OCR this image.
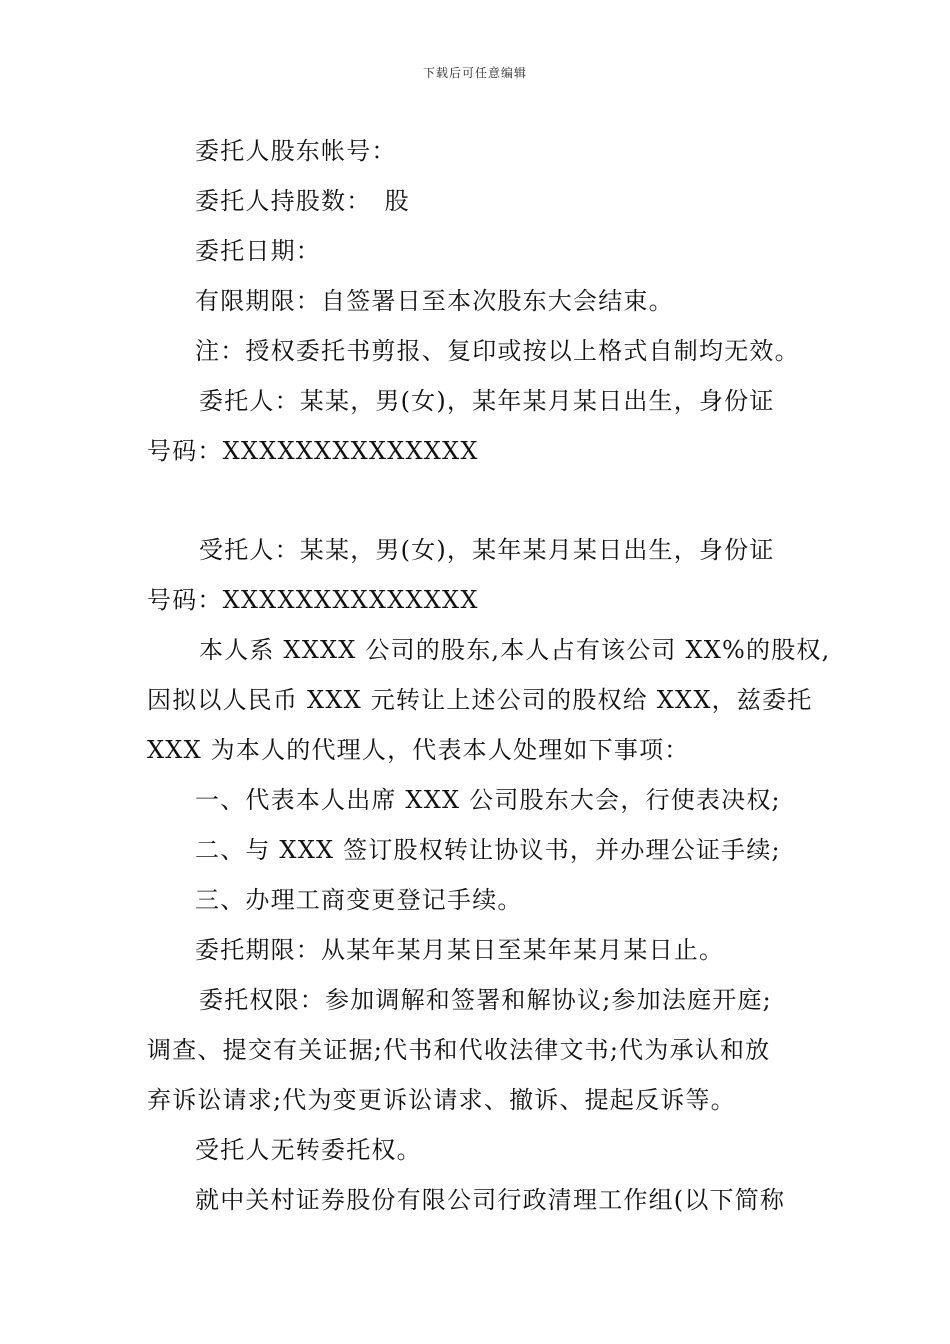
下载后可任意编辑

委托人股东帐号：

委托人持股数：　股

委托日期：

有限期限：自签署日至本次股东大会结束。

注：授权委托书剪报、复印或按以上格式自制均无效。

委托人：某某，男(女)，某年某月某日出生，身份证
号码：XXXXXXXXXXXXXX
受托人：某某，男(女)，某年某月某日出生，身份证
号码：XXXXXXXXXXXXXX
本人系 XXXX 公司的股东,本人占有该公司 XX%的股权,
因拟以人民币 XXX 元转让上述公司的股权给 XXX，兹委托
XXX 为本人的代理人，代表本人处理如下事项：

一、代表本人出席 XXX 公司股东大会，行使表决权;

二、与 XXX 签订股权转让协议书，并办理公证手续;

三、办理工商变更登记手续。

委托期限：从某年某月某日至某年某月某日止。

委托权限：参加调解和签署和解协议;参加法庭开庭;
调查、提交有关证据;代书和代收法律文书;代为承认和放
弃诉讼请求;代为变更诉讼请求、撤诉、提起反诉等。

受托人无转委托权。

就中关村证券股份有限公司行政清理工作组(以下简称
